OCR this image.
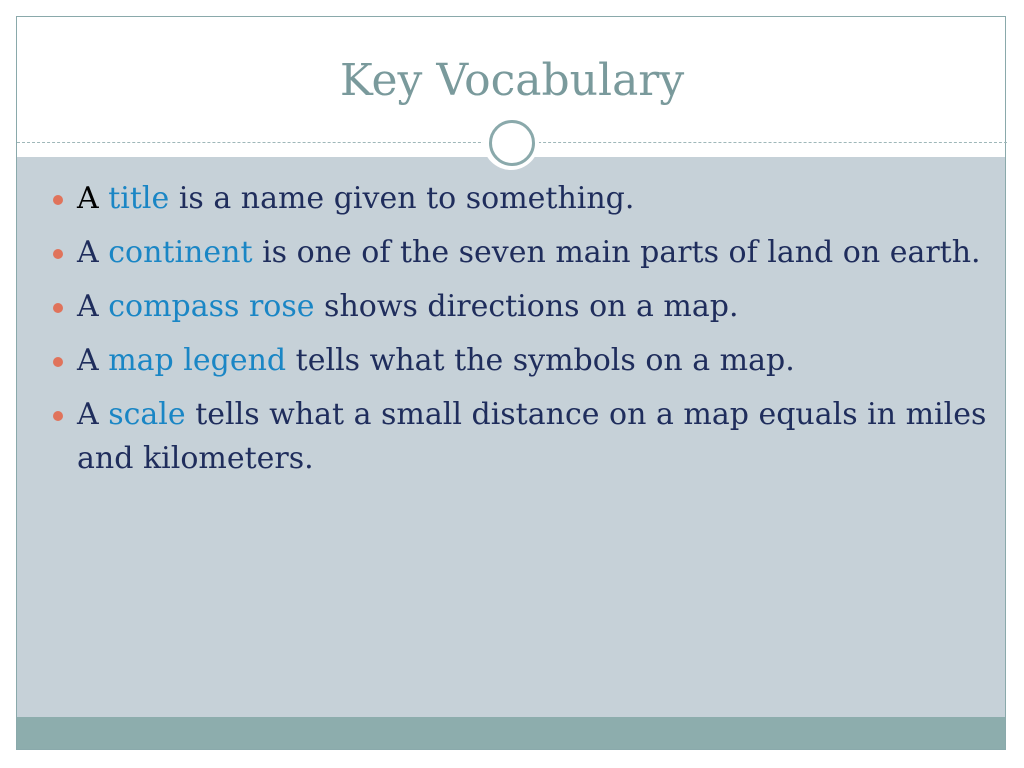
Key Vocabulary
A title is a name given to something.
A continent is one of the seven main parts of land on earth.
A compass rose shows directions on a map.
A map legend tells what the symbols on a map.
A scale tells what a small distance on a map equals in miles and kilometers.
